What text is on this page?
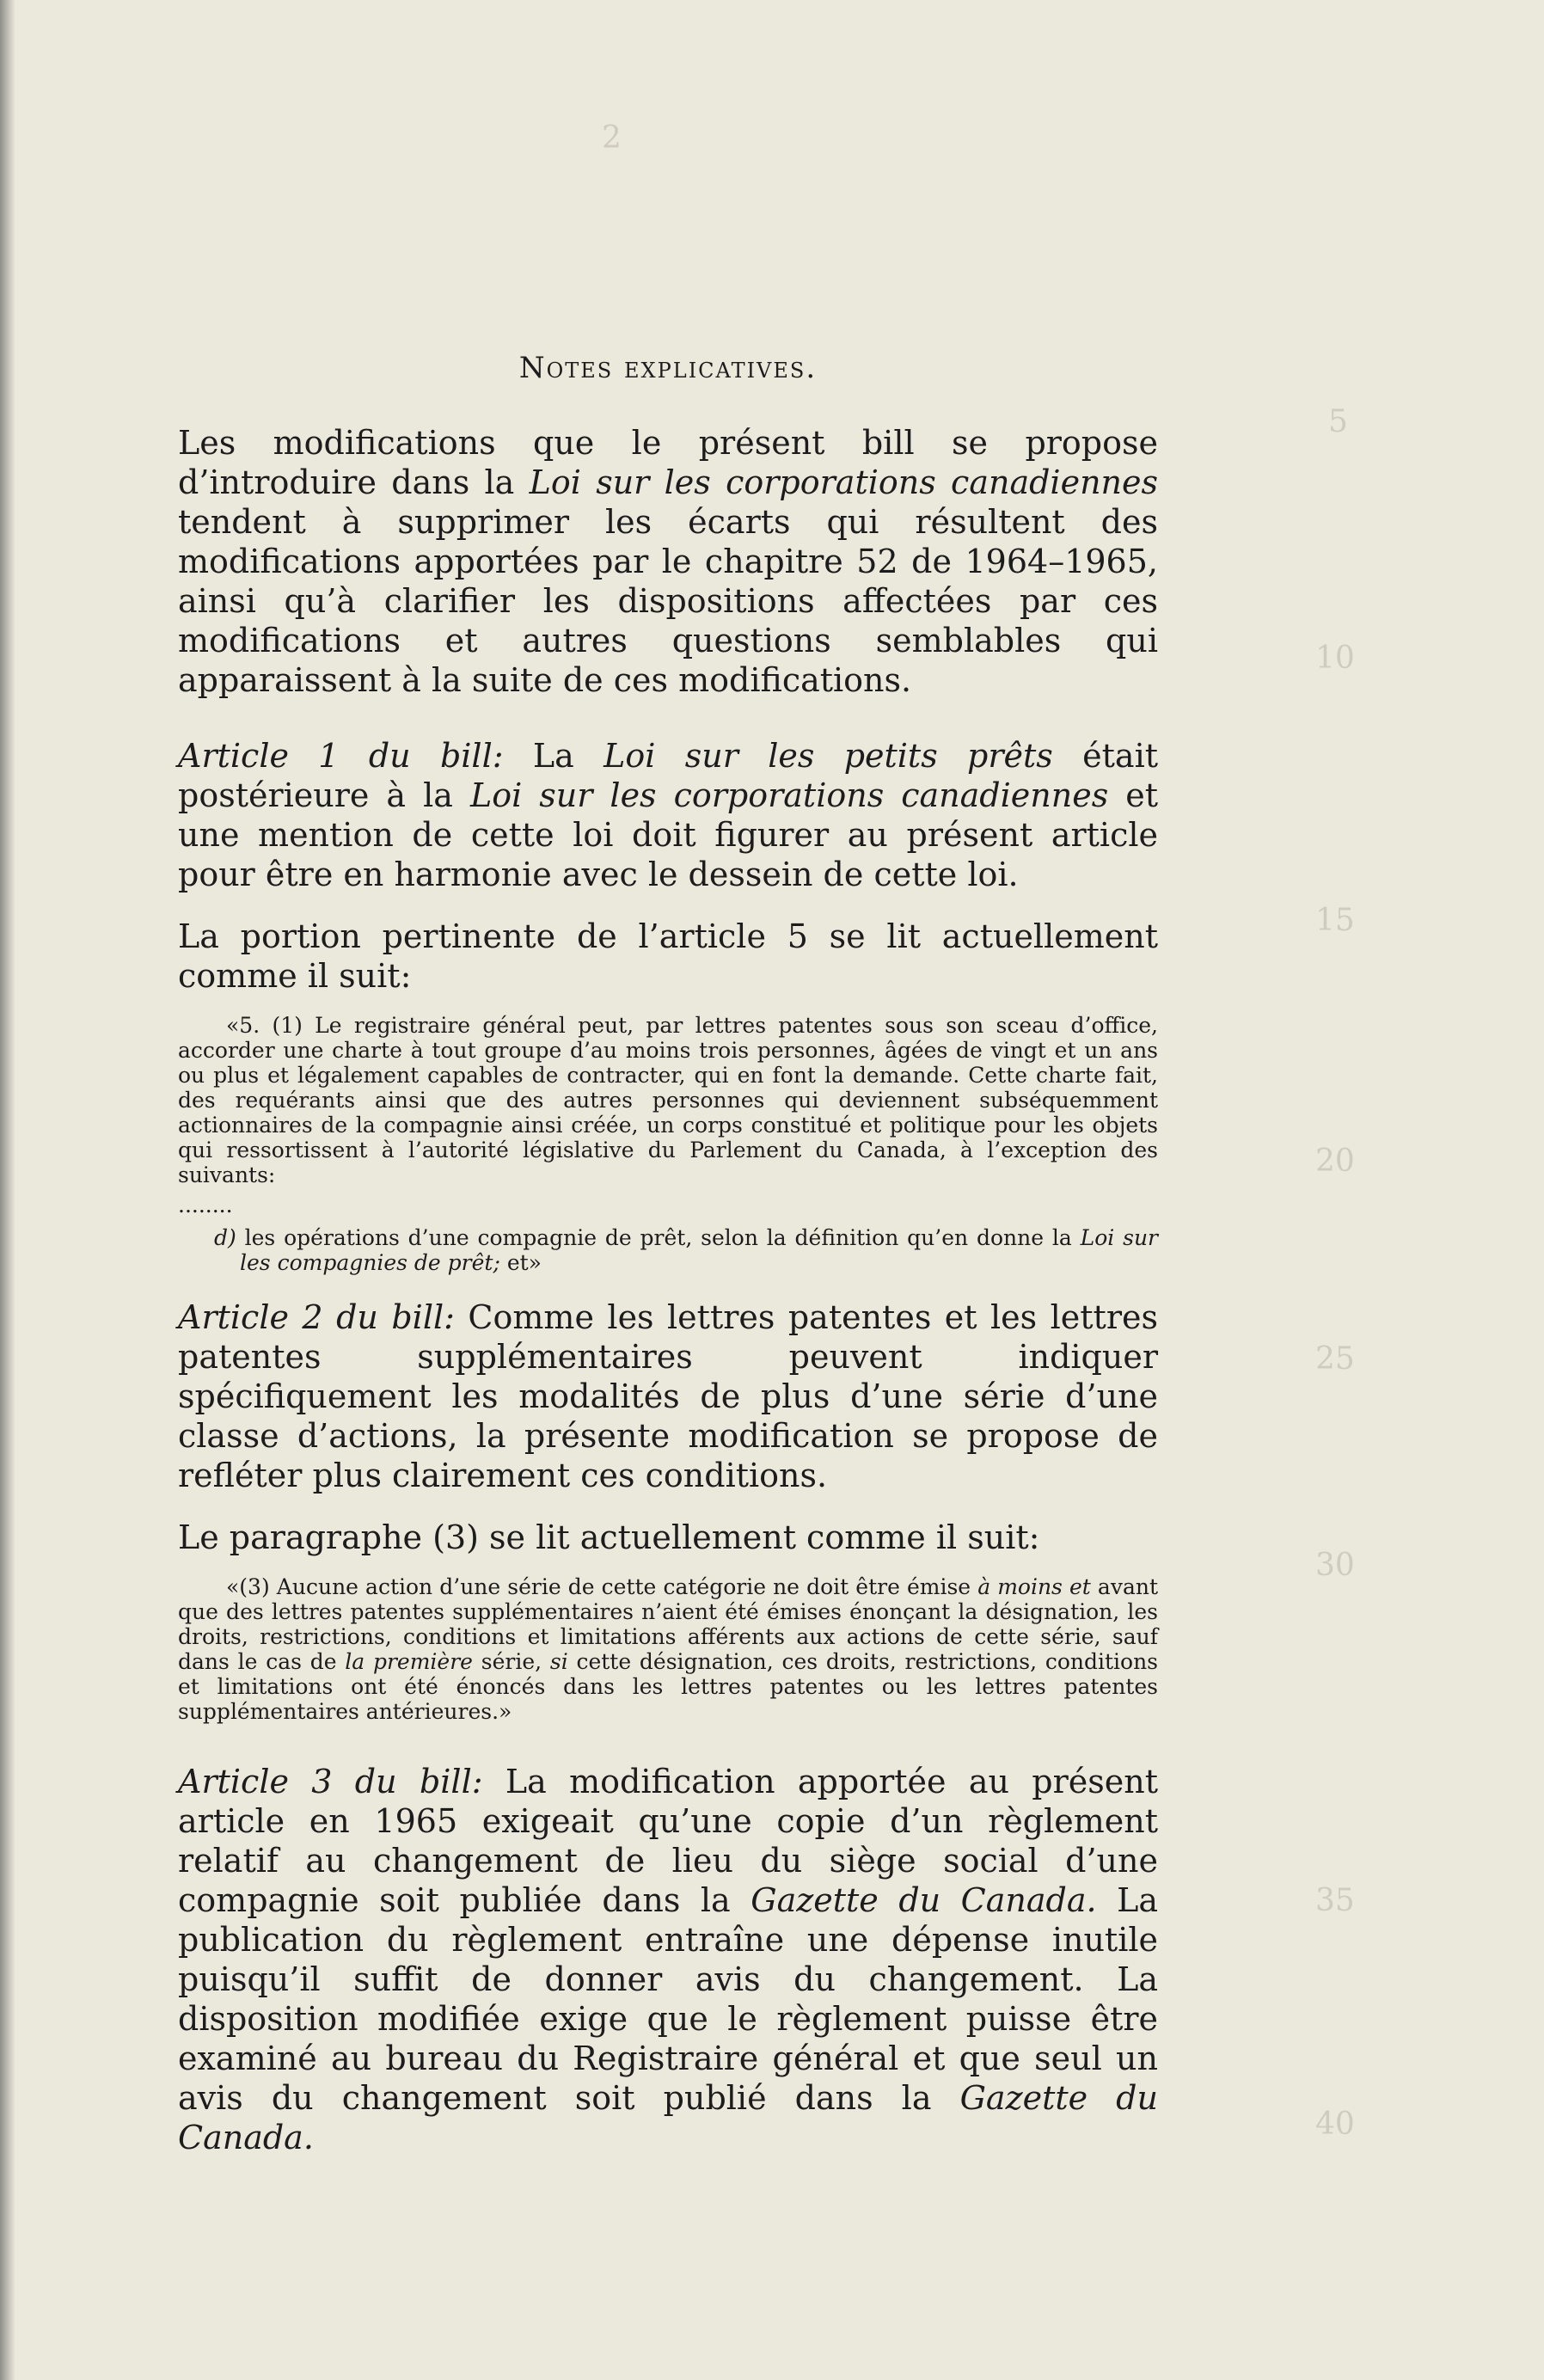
2
5
10
15
20
25
30
35
40
Notes explicatives.

Les modifications que le présent bill se propose d’introduire dans la Loi sur les corporations canadiennes tendent à supprimer les écarts qui résultent des modifications apportées par le chapitre 52 de 1964–1965, ainsi qu’à clarifier les dispositions affectées par ces modifications et autres questions semblables qui apparaissent à la suite de ces modifications.

Article 1 du bill: La Loi sur les petits prêts était postérieure à la Loi sur les corporations canadiennes et une mention de cette loi doit figurer au présent article pour être en harmonie avec le dessein de cette loi.

La portion pertinente de l’article 5 se lit actuellement comme il suit:

«5. (1) Le registraire général peut, par lettres patentes sous son sceau d’office, accorder une charte à tout groupe d’au moins trois personnes, âgées de vingt et un ans ou plus et légalement capables de contracter, qui en font la demande. Cette charte fait, des requérants ainsi que des autres personnes qui deviennent subséquemment actionnaires de la compagnie ainsi créée, un corps constitué et politique pour les objets qui ressortissent à l’autorité législative du Parlement du Canada, à l’exception des suivants:
........
d) les opérations d’une compagnie de prêt, selon la définition qu’en donne la Loi sur les compagnies de prêt; et»

Article 2 du bill: Comme les lettres patentes et les lettres patentes supplémentaires peuvent indiquer spécifiquement les modalités de plus d’une série d’une classe d’actions, la présente modification se propose de refléter plus clairement ces conditions.

Le paragraphe (3) se lit actuellement comme il suit:

«(3) Aucune action d’une série de cette catégorie ne doit être émise à moins et avant que des lettres patentes supplémentaires n’aient été émises énonçant la désignation, les droits, restrictions, conditions et limitations afférents aux actions de cette série, sauf dans le cas de la première série, si cette désignation, ces droits, restrictions, conditions et limitations ont été énoncés dans les lettres patentes ou les lettres patentes supplémentaires antérieures.»

Article 3 du bill: La modification apportée au présent article en 1965 exigeait qu’une copie d’un règlement relatif au changement de lieu du siège social d’une compagnie soit publiée dans la Gazette du Canada. La publication du règlement entraîne une dépense inutile puisqu’il suffit de donner avis du changement. La disposition modifiée exige que le règlement puisse être examiné au bureau du Registraire général et que seul un avis du changement soit publié dans la Gazette du Canada.
